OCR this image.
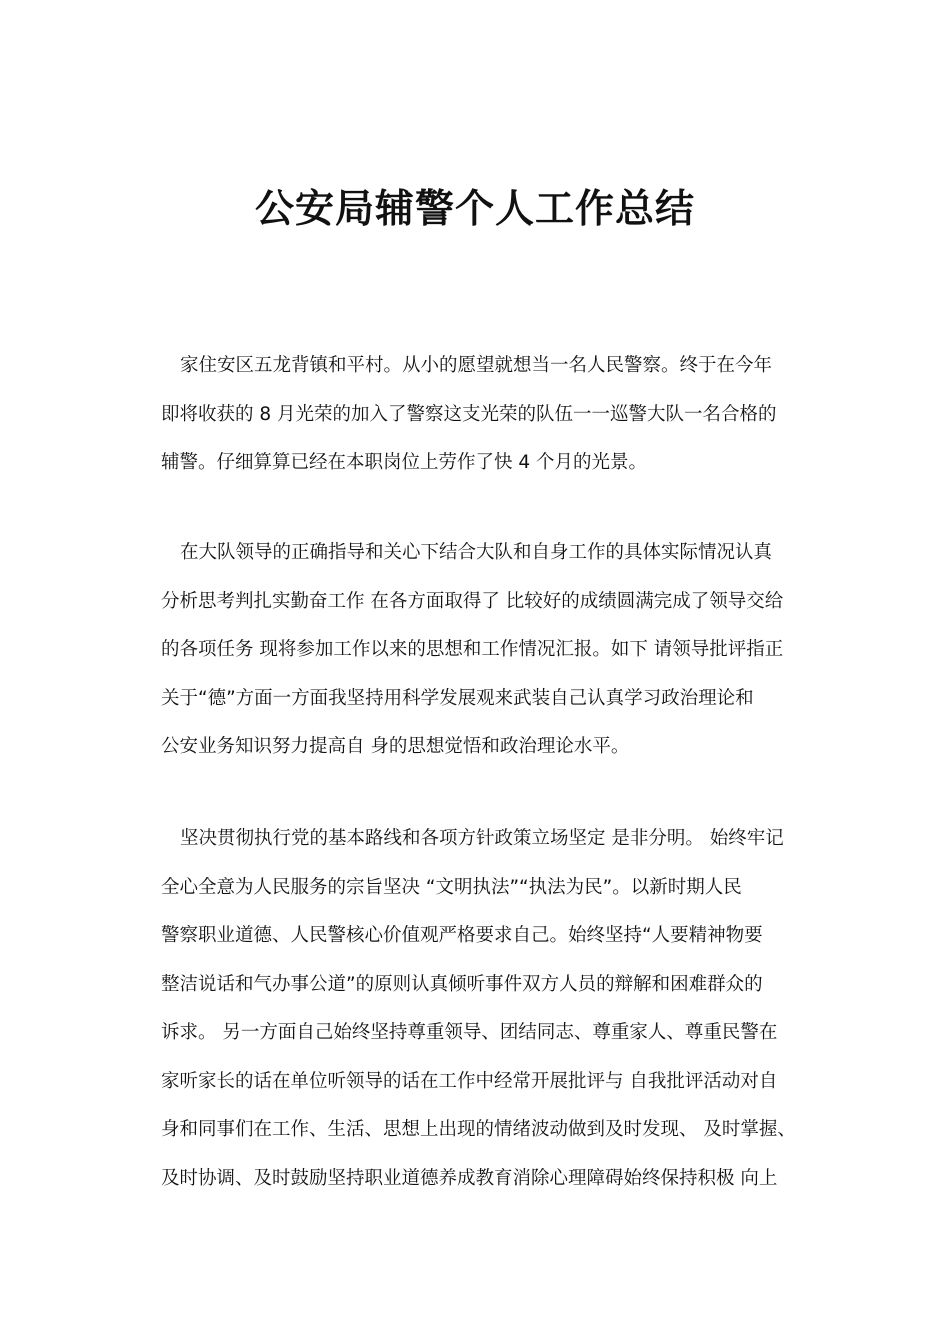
公安局辅警个人工作总结

家住安区五龙背镇和平村。从小的愿望就想当一名人民警察。终于在今年
即将收获的 8 月光荣的加入了警察这支光荣的队伍一一巡警大队一名合格的
辅警。仔细算算已经在本职岗位上劳作了快 4 个月的光景。

在大队领导的正确指导和关心下结合大队和自身工作的具体实际情况认真
分析思考判扎实勤奋工作 在各方面取得了 比较好的成绩圆满完成了领导交给
的各项任务 现将参加工作以来的思想和工作情况汇报。如下 请领导批评指正
关于“德”方面一方面我坚持用科学发展观来武装自己认真学习政治理论和
公安业务知识努力提高自 身的思想觉悟和政治理论水平。

坚决贯彻执行党的基本路线和各项方针政策立场坚定 是非分明。 始终牢记
全心全意为人民服务的宗旨坚决 “文明执法”“执法为民”。以新时期人民
警察职业道德、人民警核心价值观严格要求自己。始终坚持“人要精神物要
整洁说话和气办事公道”的原则认真倾听事件双方人员的辩解和困难群众的
诉求。 另一方面自己始终坚持尊重领导、团结同志、尊重家人、尊重民警在
家听家长的话在单位听领导的话在工作中经常开展批评与 自我批评活动对自
身和同事们在工作、生活、思想上出现的情绪波动做到及时发现、 及时掌握、
及时协调、及时鼓励坚持职业道德养成教育消除心理障碍始终保持积极 向上
